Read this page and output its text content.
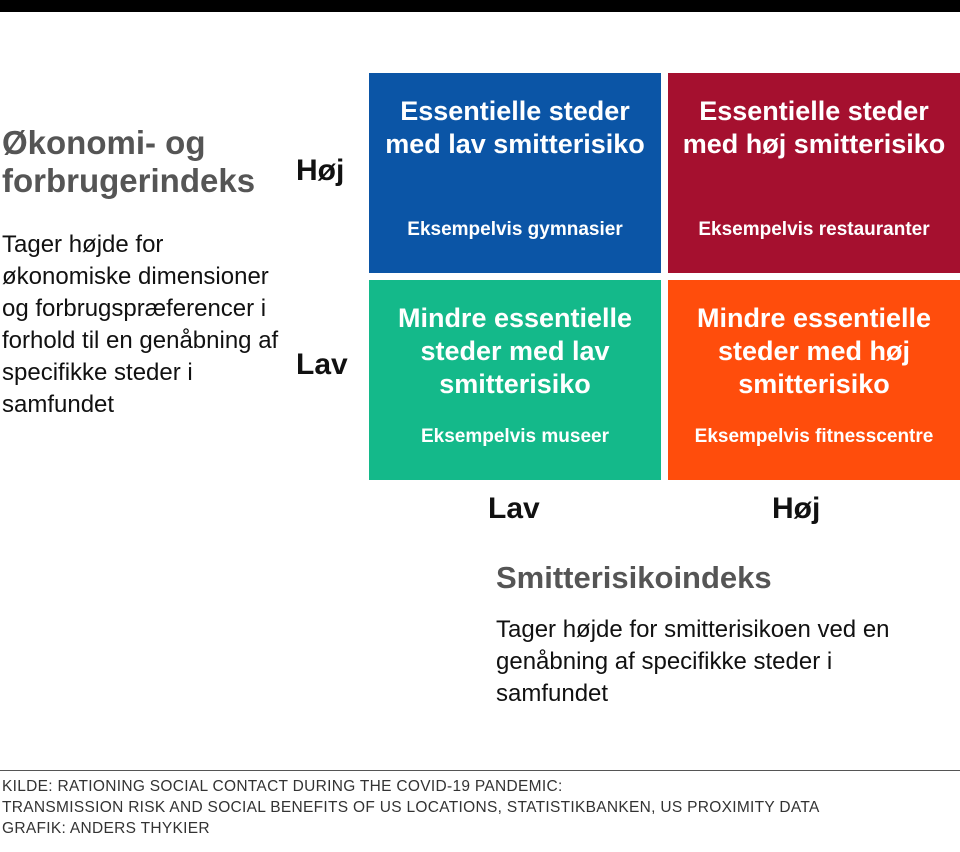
Økonomi- og forbrugerindeks
Tager højde for økonomiske dimensioner og forbrugspræferencer i forhold til en genåbning af specifikke steder i samfundet
Høj
Lav
Essentielle steder med lav smitterisiko
Eksempelvis gymnasier
Essentielle steder med høj smitterisiko
Eksempelvis restauranter
Mindre essentielle steder med lav smitterisiko
Eksempelvis museer
Mindre essentielle steder med høj smitterisiko
Eksempelvis fitnesscentre
Lav	Høj
Smitterisikoindeks
Tager højde for smitterisikoen ved en genåbning af specifikke steder i samfundet
KILDE: RATIONING SOCIAL CONTACT DURING THE COVID-19 PANDEMIC:
TRANSMISSION RISK AND SOCIAL BENEFITS OF US LOCATIONS, STATISTIKBANKEN, US PROXIMITY DATA
GRAFIK: ANDERS THYKIER
